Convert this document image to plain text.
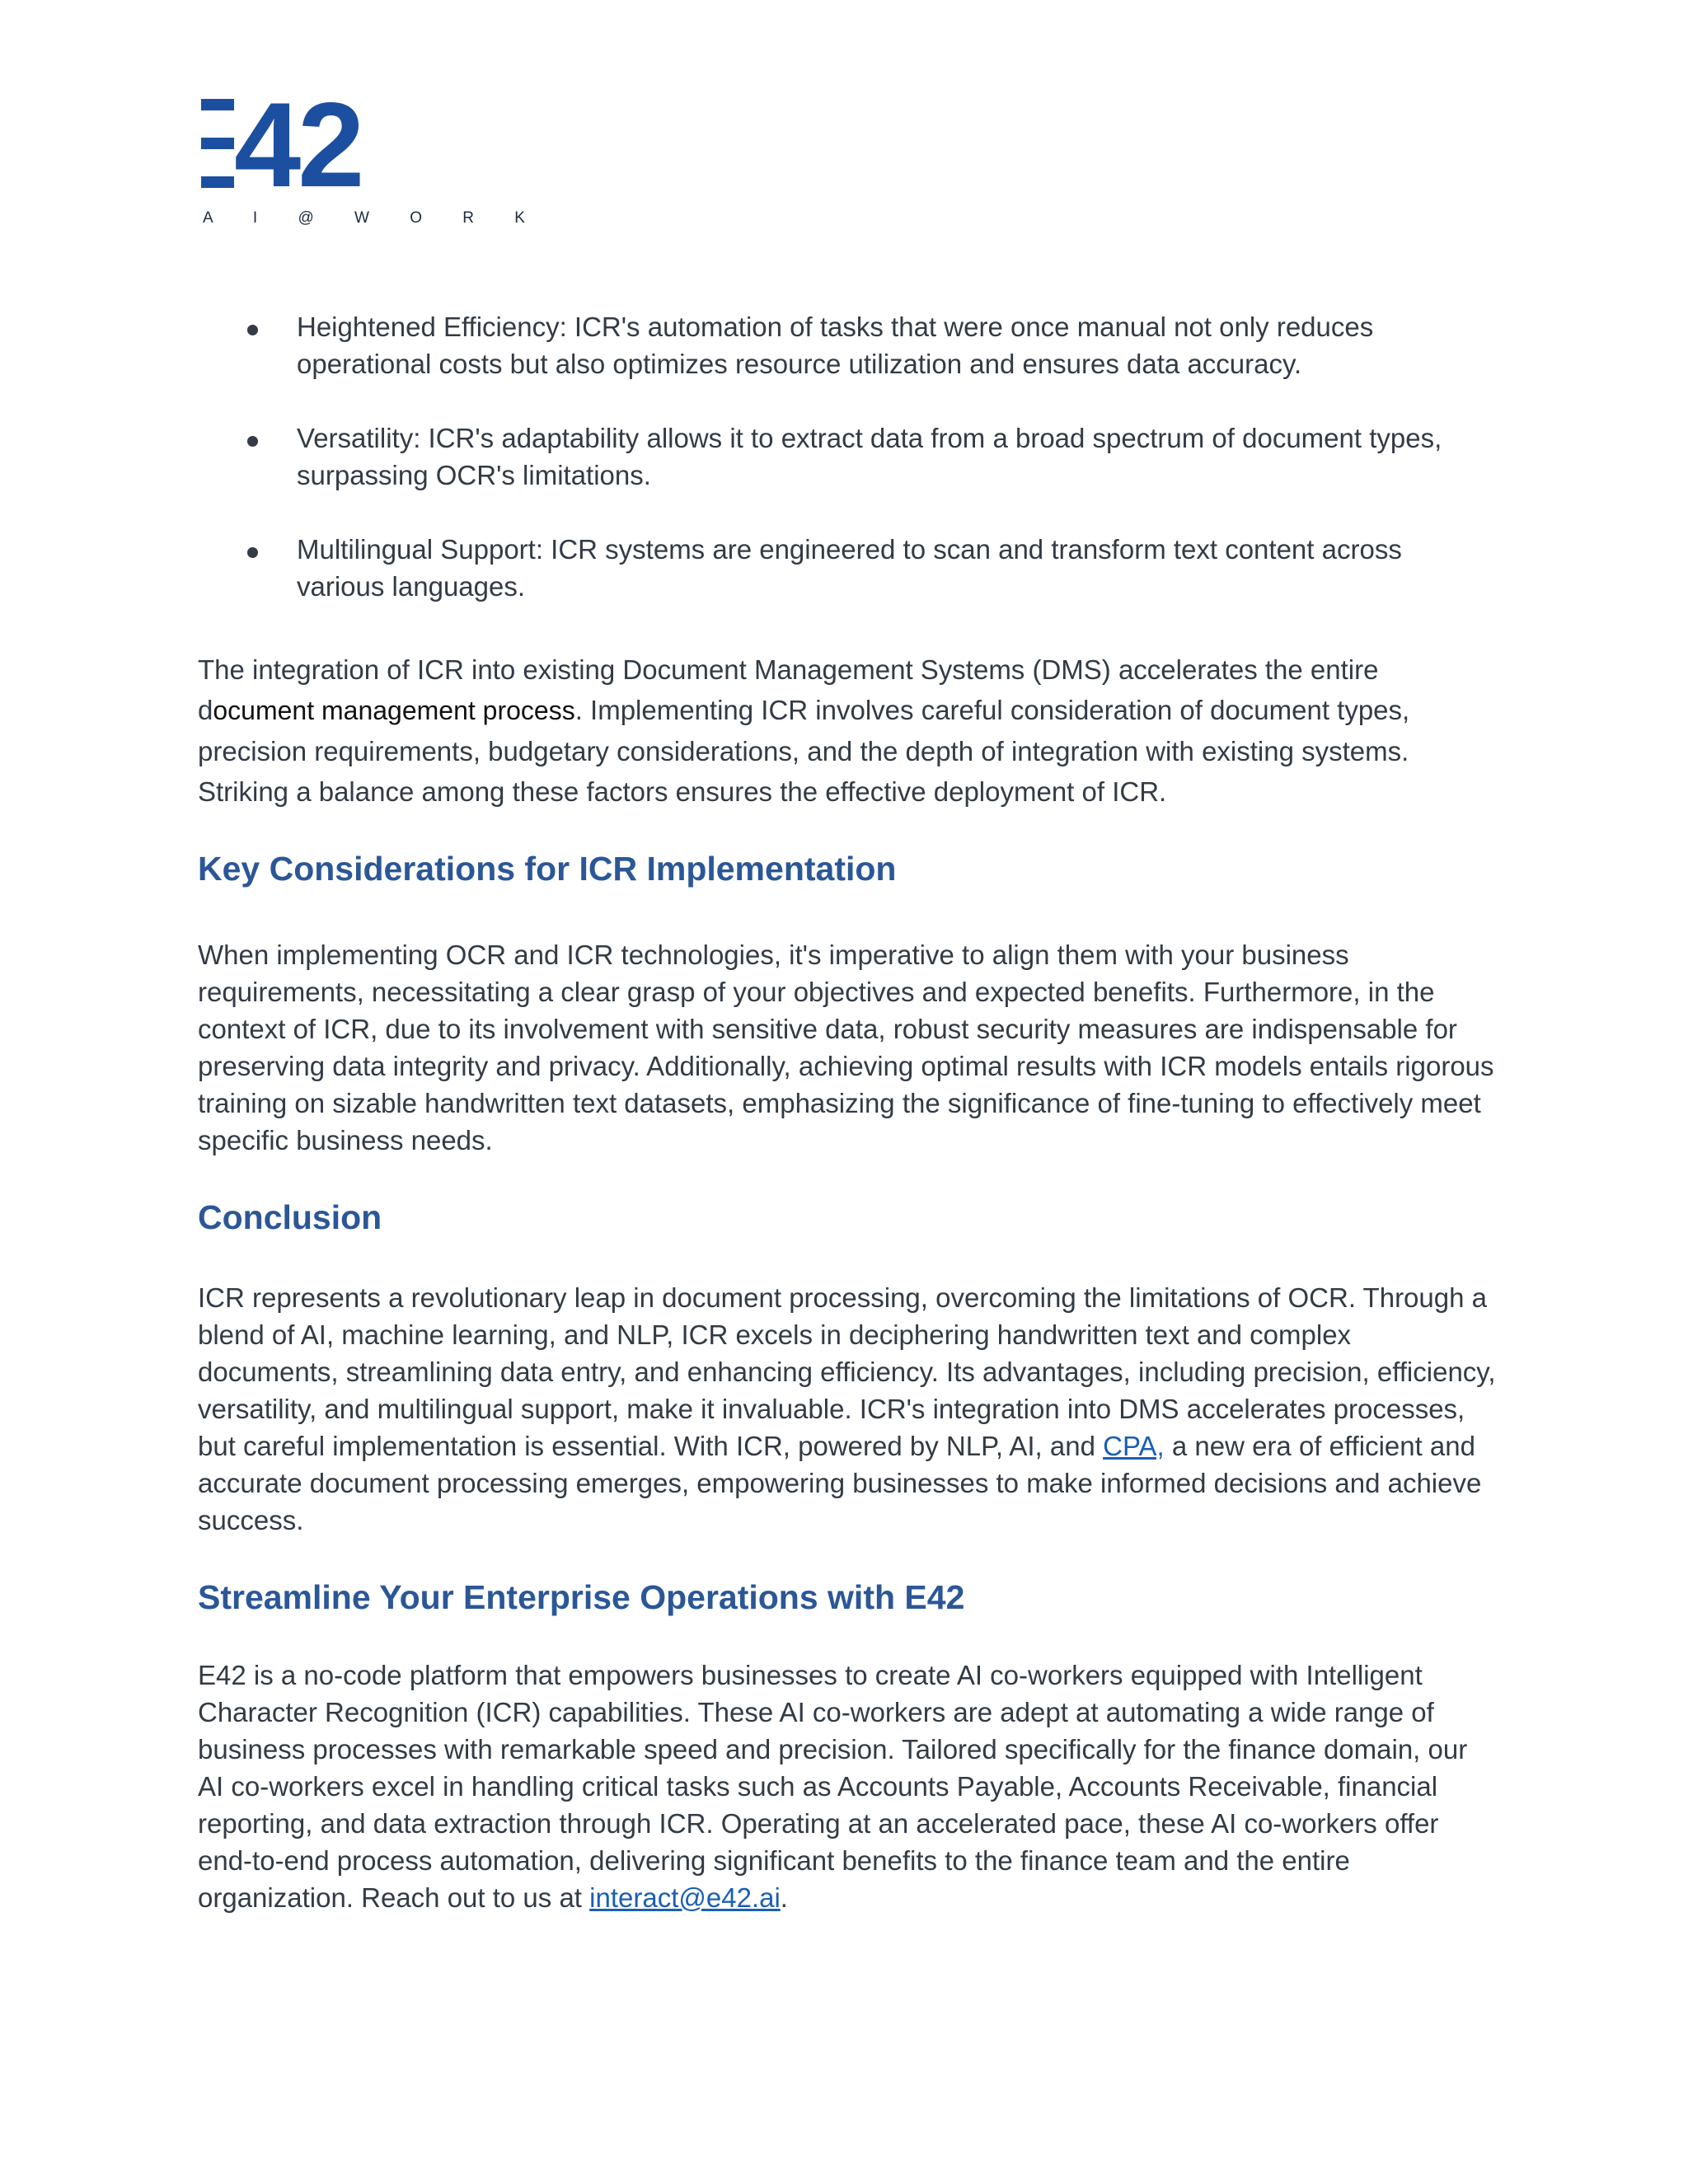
42
A I @ W O R K
Heightened Efficiency: ICR's automation of tasks that were once manual not only reduces operational costs but also optimizes resource utilization and ensures data accuracy.
Versatility: ICR's adaptability allows it to extract data from a broad spectrum of document types, surpassing OCR's limitations.
Multilingual Support: ICR systems are engineered to scan and transform text content across various languages.

The integration of ICR into existing Document Management Systems (DMS) accelerates the entire document management process. Implementing ICR involves careful consideration of document types, precision requirements, budgetary considerations, and the depth of integration with existing systems. Striking a balance among these factors ensures the effective deployment of ICR.

Key Considerations for ICR Implementation

When implementing OCR and ICR technologies, it's imperative to align them with your business requirements, necessitating a clear grasp of your objectives and expected benefits. Furthermore, in the context of ICR, due to its involvement with sensitive data, robust security measures are indispensable for preserving data integrity and privacy. Additionally, achieving optimal results with ICR models entails rigorous training on sizable handwritten text datasets, emphasizing the significance of fine-tuning to effectively meet specific business needs.

Conclusion

ICR represents a revolutionary leap in document processing, overcoming the limitations of OCR. Through a blend of AI, machine learning, and NLP, ICR excels in deciphering handwritten text and complex documents, streamlining data entry, and enhancing efficiency. Its advantages, including precision, efficiency, versatility, and multilingual support, make it invaluable. ICR's integration into DMS accelerates processes, but careful implementation is essential. With ICR, powered by NLP, AI, and CPA, a new era of efficient and accurate document processing emerges, empowering businesses to make informed decisions and achieve success.

Streamline Your Enterprise Operations with E42

E42 is a no-code platform that empowers businesses to create AI co-workers equipped with Intelligent Character Recognition (ICR) capabilities. These AI co-workers are adept at automating a wide range of business processes with remarkable speed and precision. Tailored specifically for the finance domain, our AI co-workers excel in handling critical tasks such as Accounts Payable, Accounts Receivable, financial reporting, and data extraction through ICR. Operating at an accelerated pace, these AI co-workers offer end-to-end process automation, delivering significant benefits to the finance team and the entire organization. Reach out to us at interact@e42.ai.
